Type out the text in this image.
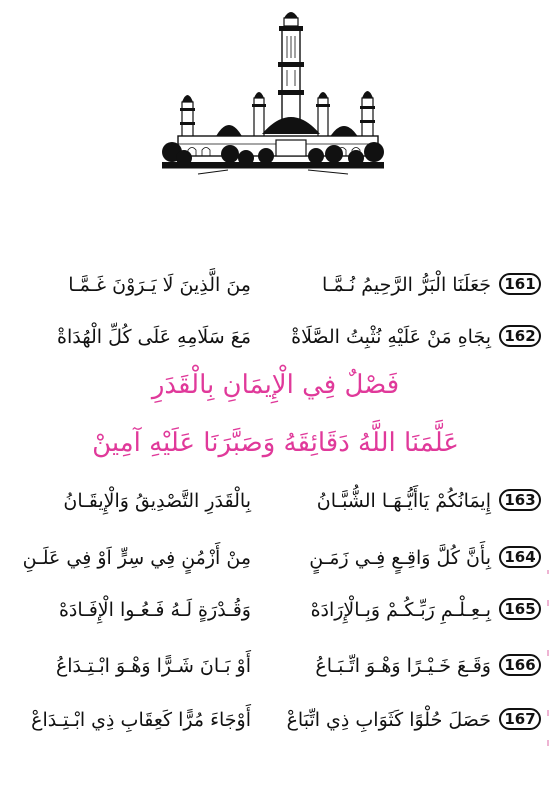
161
جَعَلَنَا الْبَرُّ الرَّحِيمُ نُـمَّـا
مِنَ الَّذِينَ لَا يَـرَوْنَ غَـمَّـا
162
بِجَاهِ مَنْ عَلَيْهِ نُثْبِتُ الصَّلَاةْ
مَعَ سَلَامِهِ عَلَى كُلِّ الْهُدَاةْ
فَصْلٌ فِي الْإِيمَانِ بِالْقَدَرِ
عَلَّمَنَا اللَّهُ دَقَائِقَهُ وَصَبَّرَنَا عَلَيْهِ آمِينْ
163
إِيمَانُكُمْ يَاأَيُّـهَـا الشُّبَّـانُ
بِالْقَدَرِ التَّصْدِيقُ وَالْإِيقَـانُ
164
بِأَنَّ كُلَّ وَاقِـعٍ فِـي زَمَـنٍ
مِنْ أَزْمُنٍ فِي سِرٍّ اَوْ فِي عَلَـنِ
165
بِـعِـلْـمِ رَبِّـكُـمْ وَبِـالْإِرَادَهْ
وَقُـدْرَةٍ لَـهُ فَـعُـوا الْإِفَـادَهْ
166
وَقَـعَ خَـيْـرًا وَهْـوَ اتِّـبَـاعُ
أَوْ بَـانَ شَـرًّا وَهْـوَ ابْـتِـدَاعُ
167
حَصَلَ حُلْوًا كَثَوَابِ ذِي اتِّبَاعْ
أَوْجَاءَ مُرًّا كَعِقَابِ ذِي ابْـتِـدَاعْ
